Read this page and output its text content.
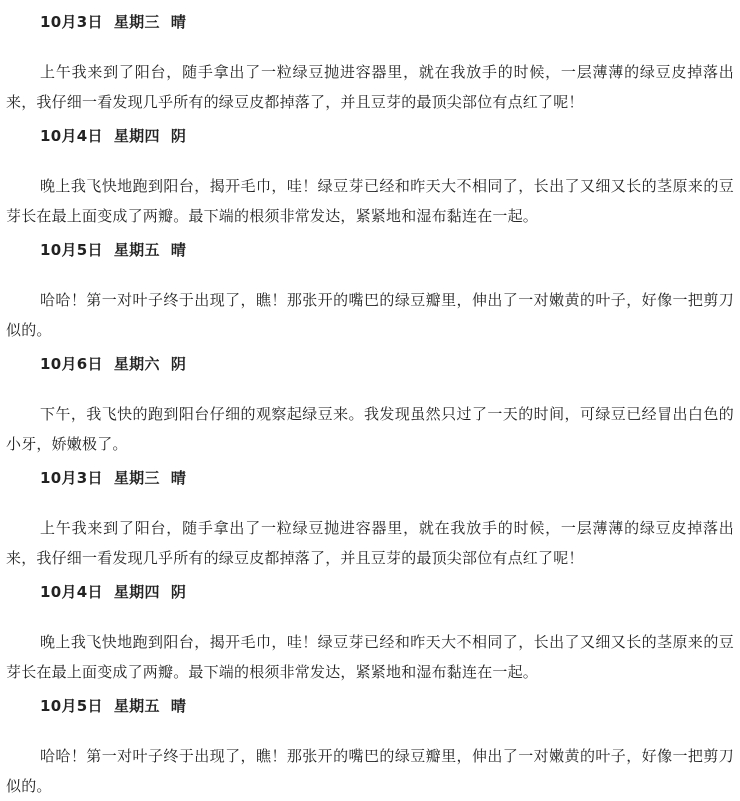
10月3日 星期三 晴
上午我来到了阳台，随手拿出了一粒绿豆抛进容器里，就在我放手的时候，一层薄薄的绿豆皮掉落出来，我仔细一看发现几乎所有的绿豆皮都掉落了，并且豆芽的最顶尖部位有点红了呢！
10月4日 星期四 阴
晚上我飞快地跑到阳台，揭开毛巾，哇！绿豆芽已经和昨天大不相同了，长出了又细又长的茎原来的豆芽长在最上面变成了两瓣。最下端的根须非常发达，紧紧地和湿布黏连在一起。
10月5日 星期五 晴
哈哈！第一对叶子终于出现了，瞧！那张开的嘴巴的绿豆瓣里，伸出了一对嫩黄的叶子，好像一把剪刀似的。
10月6日 星期六 阴
下午，我飞快的跑到阳台仔细的观察起绿豆来。我发现虽然只过了一天的时间，可绿豆已经冒出白色的小牙，娇嫩极了。
10月3日 星期三 晴
上午我来到了阳台，随手拿出了一粒绿豆抛进容器里，就在我放手的时候，一层薄薄的绿豆皮掉落出来，我仔细一看发现几乎所有的绿豆皮都掉落了，并且豆芽的最顶尖部位有点红了呢！
10月4日 星期四 阴
晚上我飞快地跑到阳台，揭开毛巾，哇！绿豆芽已经和昨天大不相同了，长出了又细又长的茎原来的豆芽长在最上面变成了两瓣。最下端的根须非常发达，紧紧地和湿布黏连在一起。
10月5日 星期五 晴
哈哈！第一对叶子终于出现了，瞧！那张开的嘴巴的绿豆瓣里，伸出了一对嫩黄的叶子，好像一把剪刀似的。
